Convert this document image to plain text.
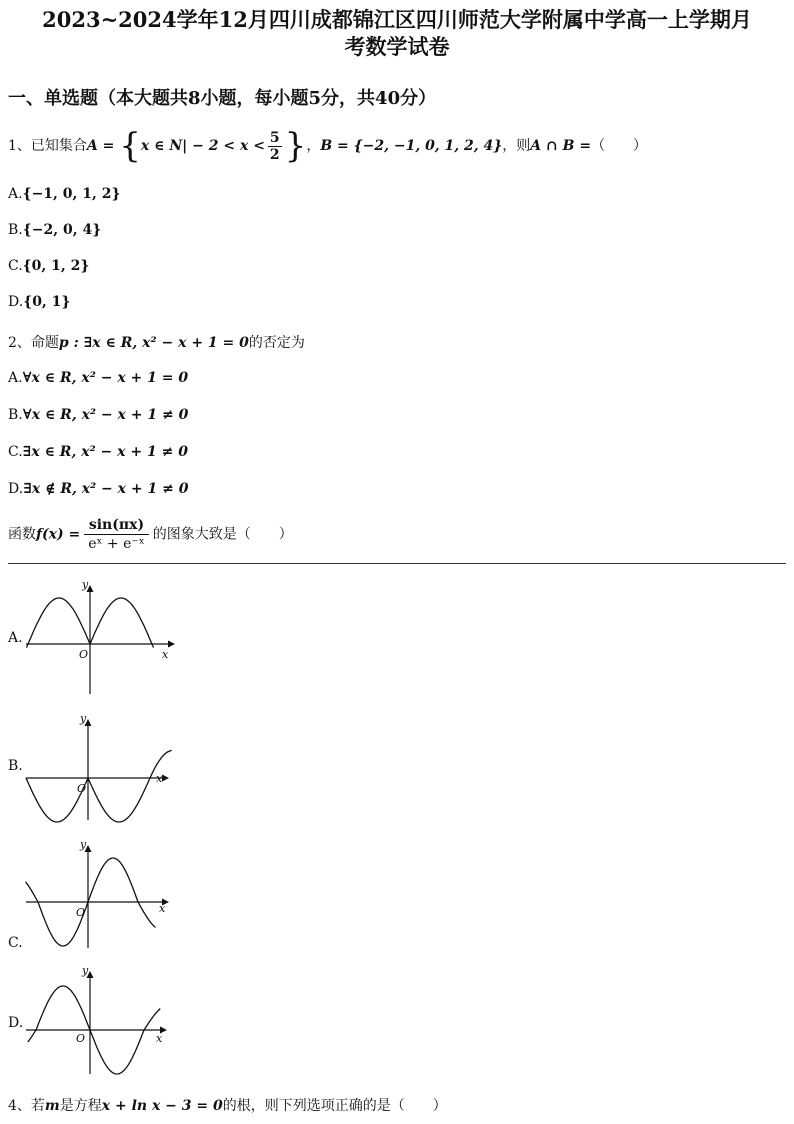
2023~2024学年12月四川成都锦江区四川师范大学附属中学高一上学期月
考数学试卷
一、单选题（本大题共8小题，每小题5分，共40分）
1、已知集合A = {x ∈ $N| - 2 < x < \frac{5}{2}$ }，B = {−2, −1, 0, 1, 2, 4}，则A ∩ B =（　　）
A.{−1, 0, 1, 2}
B.{−2, 0, 4}
C.{0, 1, 2}
D.{0, 1}
2、命题p : ∃x ∈ R, x² − x + 1 = 0的否定为
A.∀x ∈ R, x² − x + 1 = 0
B.∀x ∈ R, x² − x + 1 ≠ 0
C.∃x ∈ R, x² − x + 1 ≠ 0
D.∃x ∉ R, x² − x + 1 ≠ 0
函数$f(x) = \frac{\sin(\pi x)}{\text{eˣ + e⁻ˣ}}$ 的图象大致是（　　）
A.
y
x
O
B.
y
x
O
C.
y
x
O
D.
y
x
O
4、若m是方程x + ln x − 3 = 0的根，则下列选项正确的是（　　）
